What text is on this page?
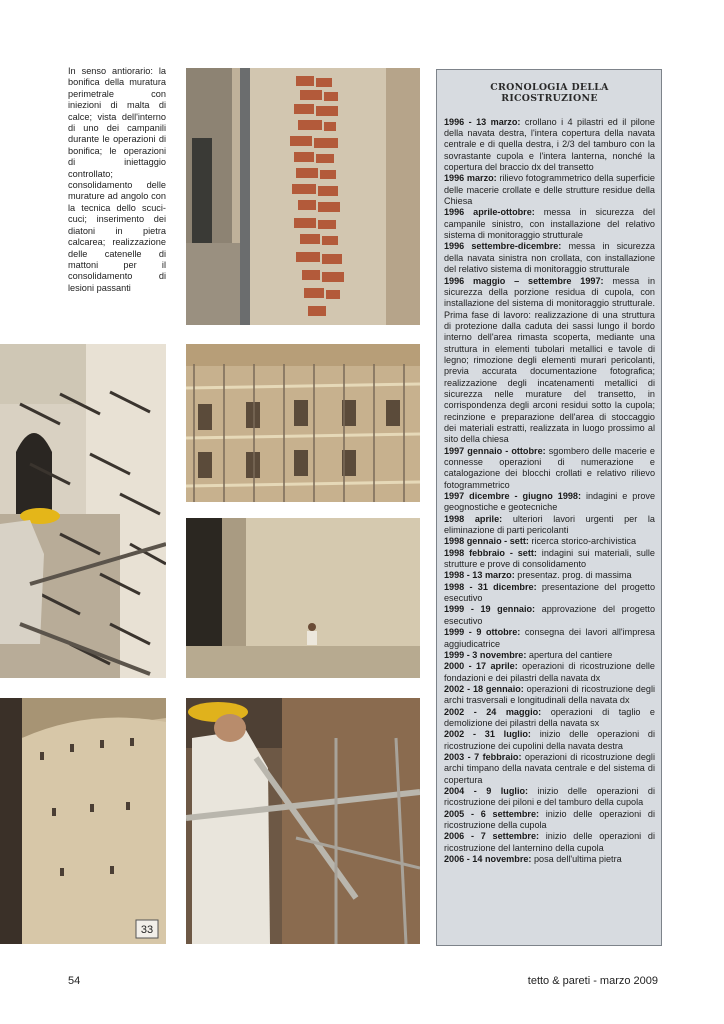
In senso antiorario: la bonifica della muratura perimetrale con iniezioni di malta di calce; vista dell'interno di uno dei campanili durante le operazioni di bonifica; le operazioni di iniettaggio controllato; consolidamento delle murature ad angolo con la tecnica dello scuci-cuci; inserimento dei diatoni in pietra calcarea; realizzazione delle catenelle di mattoni per il consolidamento di lesioni passanti
33
CRONOLOGIA DELLA RICOSTRUZIONE

1996 - 13 marzo: crollano i 4 pilastri ed il pilone della navata destra, l'intera copertura della navata centrale e di quella destra, i 2/3 del tamburo con la sovrastante cupola e l'intera lanterna, nonché la copertura del braccio dx del transetto

1996 marzo: rilievo fotogrammetrico della superficie delle macerie crollate e delle strutture residue della Chiesa

1996 aprile-ottobre: messa in sicurezza del campanile sinistro, con installazione del relativo sistema di monitoraggio strutturale

1996 settembre-dicembre: messa in sicurezza della navata sinistra non crollata, con installazione del relativo sistema di monitoraggio strutturale

1996 maggio – settembre 1997: messa in sicurezza della porzione residua di cupola, con installazione del sistema di monitoraggio strutturale. Prima fase di lavoro: realizzazione di una struttura di protezione dalla caduta dei sassi lungo il bordo interno dell'area rimasta scoperta, mediante una struttura in elementi tubolari metallici e tavole di legno; rimozione degli elementi murari pericolanti, previa accurata documentazione fotografica; realizzazione degli incatenamenti metallici di sicurezza nelle murature del transetto, in corrispondenza degli arconi residui sotto la cupola; recinzione e preparazione dell'area di stoccaggio dei materiali estratti, realizzata in luogo prossimo al sito della chiesa

1997 gennaio - ottobre: sgombero delle macerie e connesse operazioni di numerazione e catalogazione dei blocchi crollati e relativo rilievo fotogrammetrico

1997 dicembre - giugno 1998: indagini e prove geognostiche e geotecniche

1998 aprile: ulteriori lavori urgenti per la eliminazione di parti pericolanti

1998 gennaio - sett: ricerca storico-archivistica

1998 febbraio - sett: indagini sui materiali, sulle strutture e prove di consolidamento

1998 - 13 marzo: presentaz. prog. di massima

1998 - 31 dicembre: presentazione del progetto esecutivo

1999 - 19 gennaio: approvazione del progetto esecutivo

1999 - 9 ottobre: consegna dei lavori all'impresa aggiudicatrice

1999 - 3 novembre: apertura del cantiere

2000 - 17 aprile: operazioni di ricostruzione delle fondazioni e dei pilastri della navata dx

2002 - 18 gennaio: operazioni di ricostruzione degli archi trasversali e longitudinali della navata dx

2002 - 24 maggio: operazioni di taglio e demolizione dei pilastri della navata sx

2002 - 31 luglio: inizio delle operazioni di ricostruzione dei cupolini della navata destra

2003 - 7 febbraio: operazioni di ricostruzione degli archi timpano della navata centrale e del sistema di copertura

2004 - 9 luglio: inizio delle operazioni di ricostruzione dei piloni e del tamburo della cupola

2005 - 6 settembre: inizio delle operazioni di ricostruzione della cupola

2006 - 7 settembre: inizio delle operazioni di ricostruzione del lanternino della cupola

2006 - 14 novembre: posa dell'ultima pietra

54	tetto & pareti - marzo 2009
